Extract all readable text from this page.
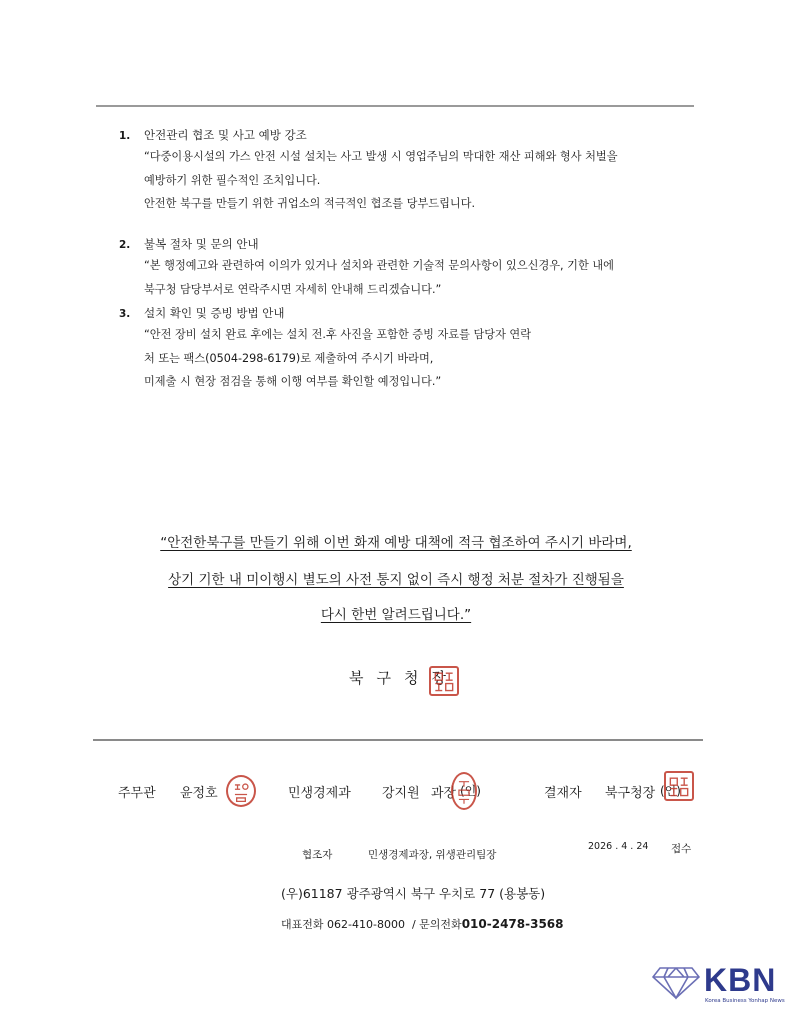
1.	안전관리 협조 및 사고 예방 강조
“다중이용시설의 가스 안전 시설 설치는 사고 발생 시 영업주님의 막대한 재산 피해와 형사 처벌을
예방하기 위한 필수적인 조치입니다.
안전한 북구를 만들기 위한 귀업소의 적극적인 협조를 당부드립니다.
2.	불복 절차 및 문의 안내
“본 행정예고와 관련하여 이의가 있거나 설치와 관련한 기술적 문의사항이 있으신경우, 기한 내에
북구청 담당부서로 연락주시면 자세히 안내해 드리겠습니다.”
3.	설치 확인 및 증빙 방법 안내
“안전 장비 설치 완료 후에는 설치 전.후 사진을 포함한 증빙 자료를 담당자 연락
처 또는 팩스(0504-298-6179)로 제출하여 주시기 바라며,
미제출 시 현장 점검을 통해 이행 여부를 확인할 예정입니다.”
“안전한북구를 만들기 위해 이번 화재 예방 대책에 적극 협조하여 주시기 바라며,
상기 기한 내 미이행시 별도의 사전 통지 없이 즉시 행정 처분 절차가 진행됨을
다시 한번 알려드립니다.”
북구청장
주무관 윤정호	민생경제과 강지원 과장 (인)	결재자 북구청장 (인)
협조자	민생경제과장, 위생관리팀장
2026 . 4 . 24 접수
(우)61187 광주광역시 북구 우치로 77 (용봉동)
대표전화 062-410-8000 / 문의전화010-2478-3568
KBN
Korea Business Yonhap News
